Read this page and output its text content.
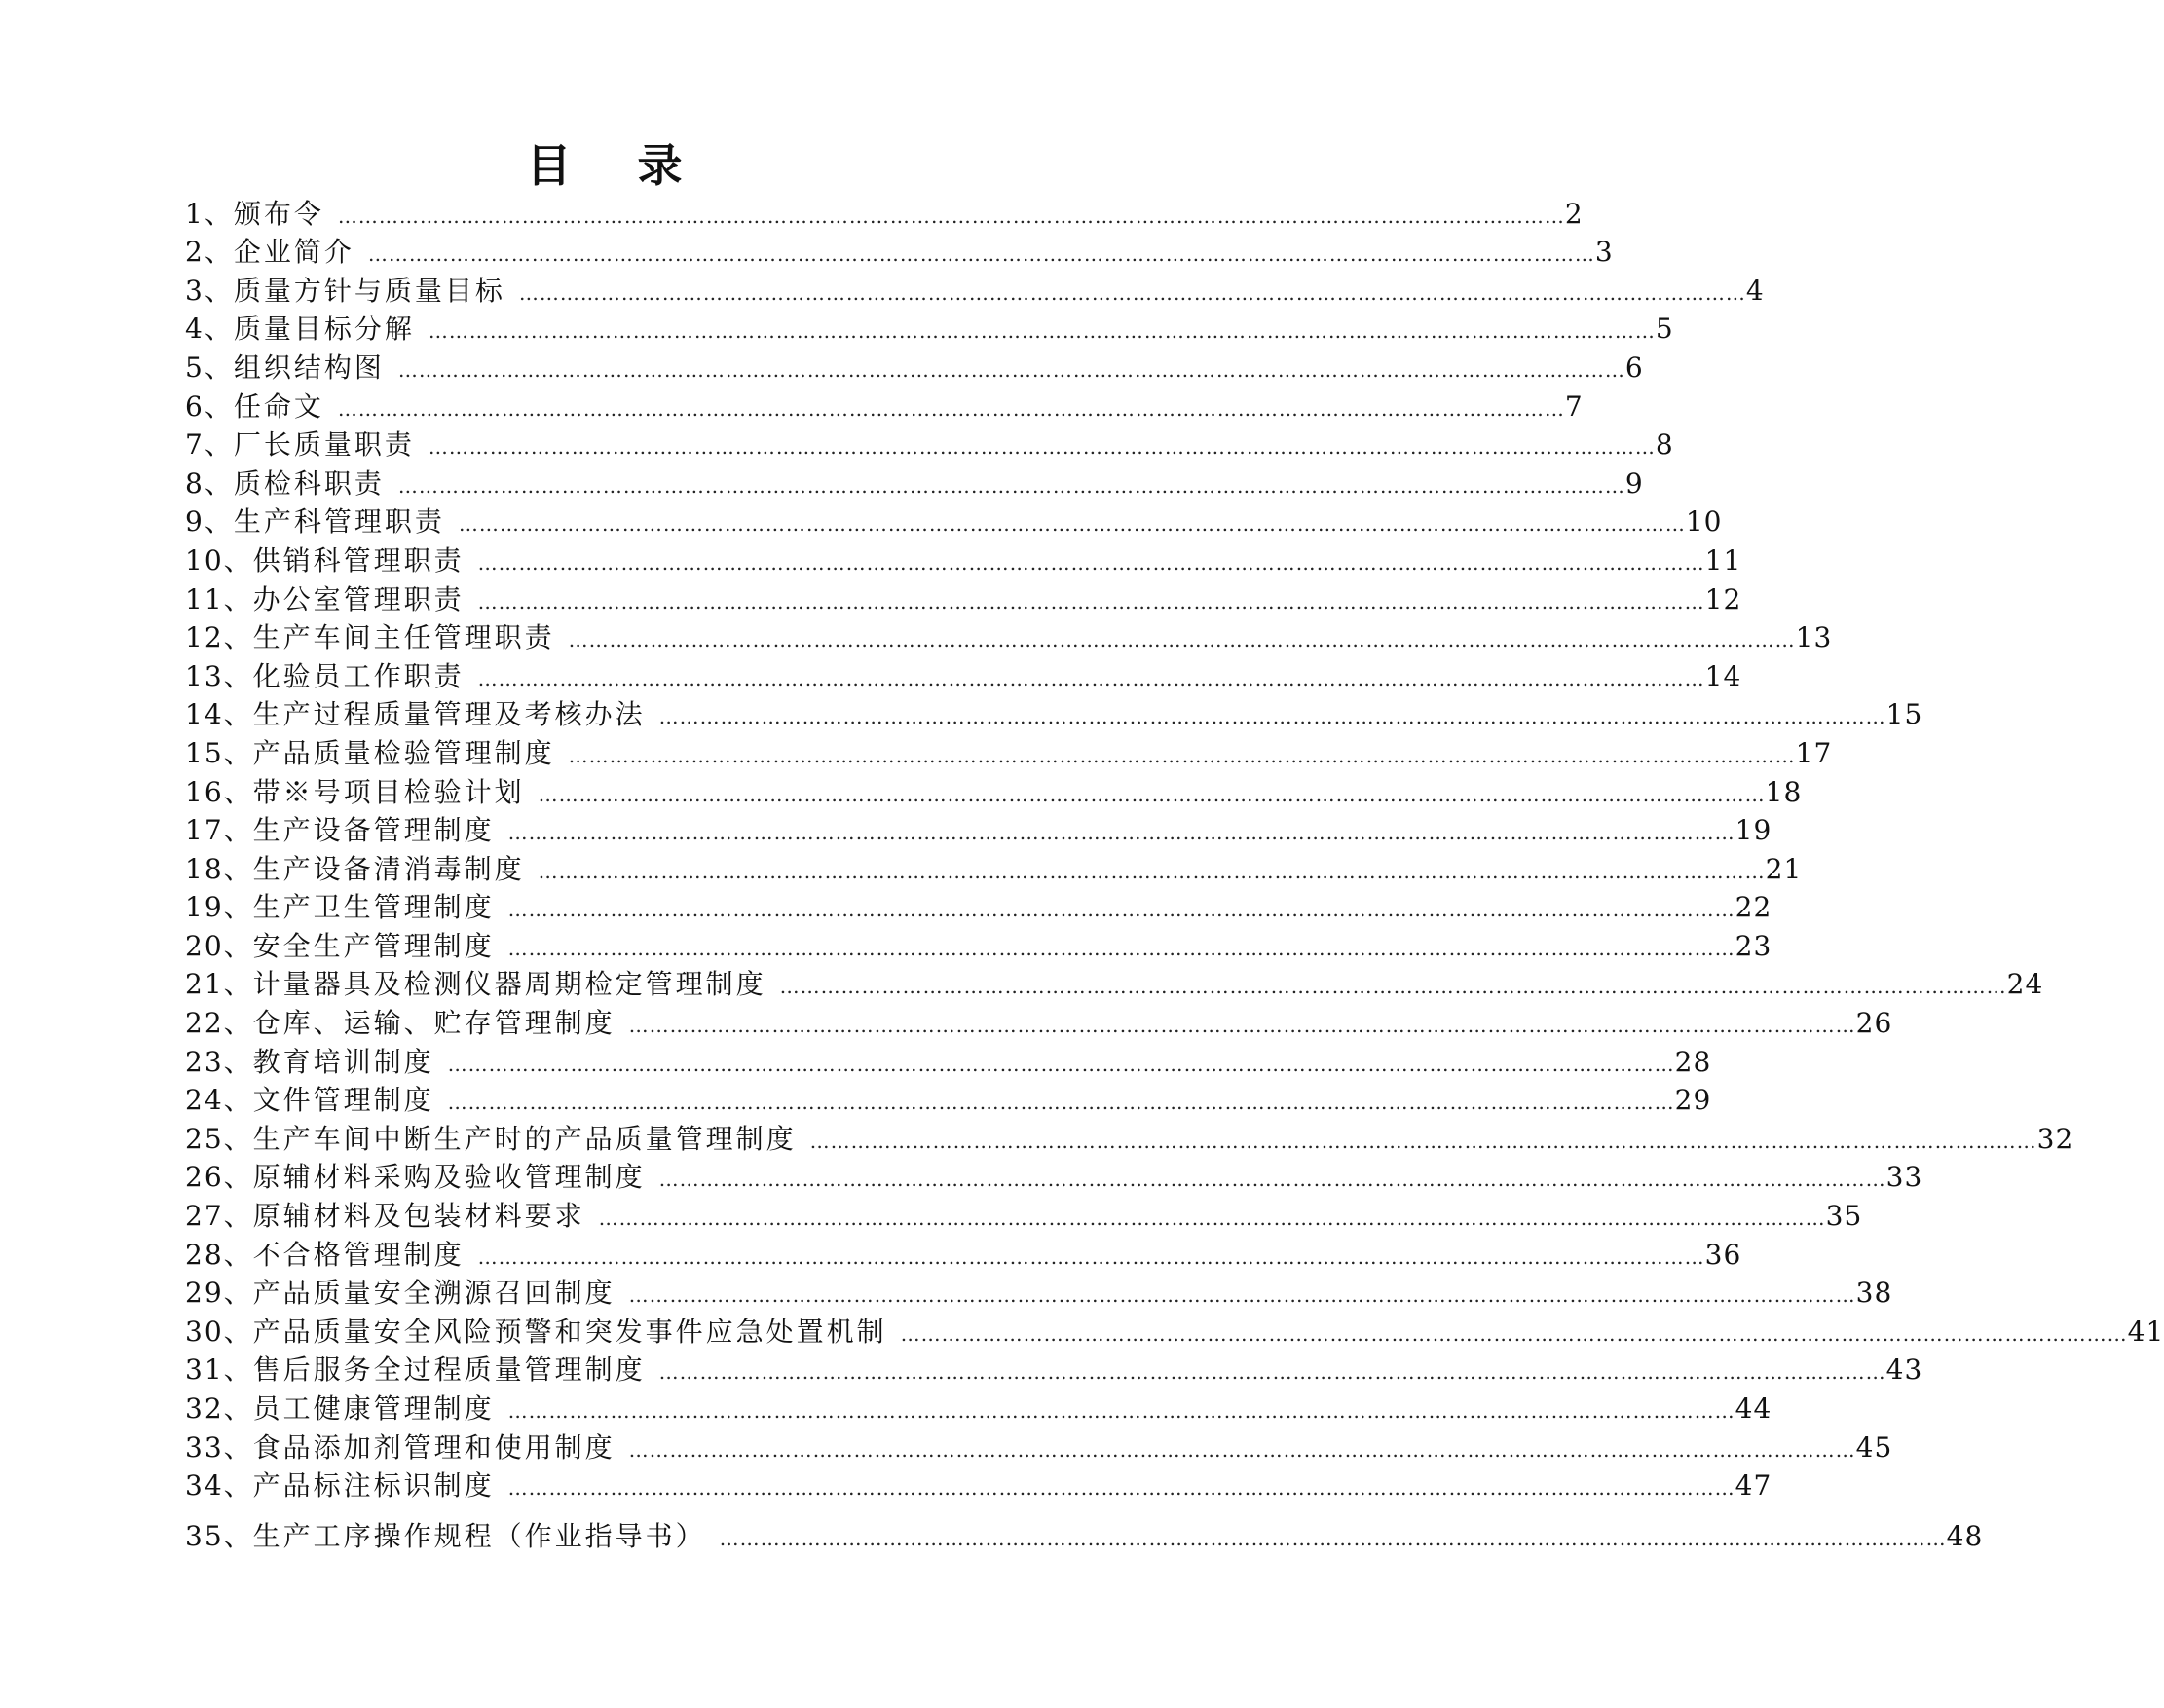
目 录
1、 颁布令 ……………………………………………………………………………………………………………………………………………………………… 2
2、 企业简介 ……………………………………………………………………………………………………………………………………………………………… 3
3、 质量方针与质量目标 ……………………………………………………………………………………………………………………………………………………………… 4
4、 质量目标分解 ……………………………………………………………………………………………………………………………………………………………… 5
5、 组织结构图 ……………………………………………………………………………………………………………………………………………………………… 6
6、 任命文 ……………………………………………………………………………………………………………………………………………………………… 7
7、 厂长质量职责 ……………………………………………………………………………………………………………………………………………………………… 8
8、 质检科职责 ……………………………………………………………………………………………………………………………………………………………… 9
9、 生产科管理职责 ……………………………………………………………………………………………………………………………………………………………… 10
10、 供销科管理职责 ……………………………………………………………………………………………………………………………………………………………… 11
11、 办公室管理职责 ……………………………………………………………………………………………………………………………………………………………… 12
12、 生产车间主任管理职责 ……………………………………………………………………………………………………………………………………………………………… 13
13、 化验员工作职责 ……………………………………………………………………………………………………………………………………………………………… 14
14、 生产过程质量管理及考核办法 ……………………………………………………………………………………………………………………………………………………………… 15
15、 产品质量检验管理制度 ……………………………………………………………………………………………………………………………………………………………… 17
16、 带※号项目检验计划 ……………………………………………………………………………………………………………………………………………………………… 18
17、 生产设备管理制度 ……………………………………………………………………………………………………………………………………………………………… 19
18、 生产设备清消毒制度 ……………………………………………………………………………………………………………………………………………………………… 21
19、 生产卫生管理制度 ……………………………………………………………………………………………………………………………………………………………… 22
20、 安全生产管理制度 ……………………………………………………………………………………………………………………………………………………………… 23
21、 计量器具及检测仪器周期检定管理制度 ……………………………………………………………………………………………………………………………………………………………… 24
22、 仓库、运输、贮存管理制度 ……………………………………………………………………………………………………………………………………………………………… 26
23、 教育培训制度 ……………………………………………………………………………………………………………………………………………………………… 28
24、 文件管理制度 ……………………………………………………………………………………………………………………………………………………………… 29
25、 生产车间中断生产时的产品质量管理制度 ……………………………………………………………………………………………………………………………………………………………… 32
26、 原辅材料采购及验收管理制度 ……………………………………………………………………………………………………………………………………………………………… 33
27、 原辅材料及包装材料要求 ……………………………………………………………………………………………………………………………………………………………… 35
28、 不合格管理制度 ……………………………………………………………………………………………………………………………………………………………… 36
29、 产品质量安全溯源召回制度 ……………………………………………………………………………………………………………………………………………………………… 38
30、 产品质量安全风险预警和突发事件应急处置机制 ……………………………………………………………………………………………………………………………………………………………… 41
31、 售后服务全过程质量管理制度 ……………………………………………………………………………………………………………………………………………………………… 43
32、 员工健康管理制度 ……………………………………………………………………………………………………………………………………………………………… 44
33、 食品添加剂管理和使用制度 ……………………………………………………………………………………………………………………………………………………………… 45
34、 产品标注标识制度 ……………………………………………………………………………………………………………………………………………………………… 47
35、 生产工序操作规程（作业指导书） ……………………………………………………………………………………………………………………………………………………………… 48
